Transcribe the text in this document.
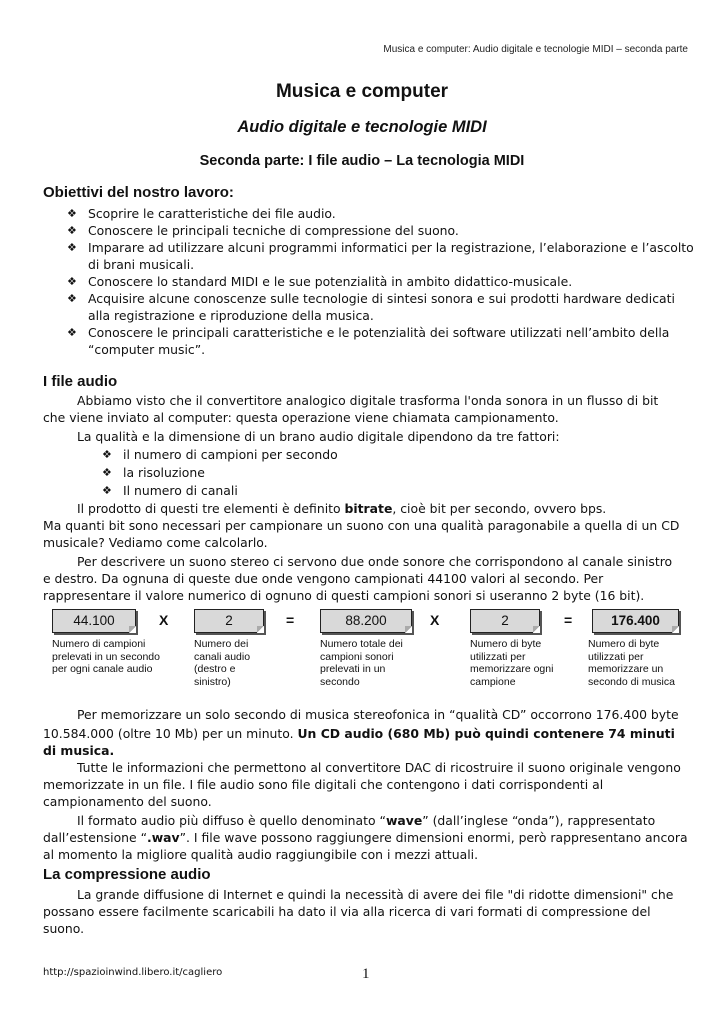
Musica e computer: Audio digitale e tecnologie MIDI – seconda parte
Musica e computer
Audio digitale e tecnologie MIDI
Seconda parte: I file audio – La tecnologia MIDI
Obiettivi del nostro lavoro:
❖ Scoprire le caratteristiche dei file audio.
❖ Conoscere le principali tecniche di compressione del suono.
❖ Imparare ad utilizzare alcuni programmi informatici per la registrazione, l’elaborazione e l’ascolto di brani musicali.
❖ Conoscere lo standard MIDI e le sue potenzialità in ambito didattico-musicale.
❖ Acquisire alcune conoscenze sulle tecnologie di sintesi sonora e sui prodotti hardware dedicati alla registrazione e riproduzione della musica.
❖ Conoscere le principali caratteristiche e le potenzialità dei software utilizzati nell’ambito della “computer music”.
I file audio

Abbiamo visto che il convertitore analogico digitale trasforma l'onda sonora in un flusso di bit che viene inviato al computer: questa operazione viene chiamata campionamento.

La qualità e la dimensione di un brano audio digitale dipendono da tre fattori:

❖ il numero di campioni per secondo
❖ la risoluzione
❖ Il numero di canali

Il prodotto di questi tre elementi è definito bitrate, cioè bit per secondo, ovvero bps.

Ma quanti bit sono necessari per campionare un suono con una qualità paragonabile a quella di un CD musicale? Vediamo come calcolarlo.

Per descrivere un suono stereo ci servono due onde sonore che corrispondono al canale sinistro e destro. Da ognuna di queste due onde vengono campionati 44100 valori al secondo. Per rappresentare il valore numerico di ognuno di questi campioni sonori si useranno 2 byte (16 bit).

44.100	X	2	=	88.200	X	2	=	176.400
Numero di campioni prelevati in un secondo per ogni canale audio
Numero dei canali audio (destro e sinistro)
Numero totale dei campioni sonori prelevati in un secondo
Numero di byte utilizzati per memorizzare ogni campione
Numero di byte utilizzati per memorizzare un secondo di musica

Per memorizzare un solo secondo di musica stereofonica in “qualità CD” occorrono 176.400 byte

10.584.000 (oltre 10 Mb) per un minuto. Un CD audio (680 Mb) può quindi contenere 74 minuti di musica.

Tutte le informazioni che permettono al convertitore DAC di ricostruire il suono originale vengono memorizzate in un file. I file audio sono file digitali che contengono i dati corrispondenti al campionamento del suono.

Il formato audio più diffuso è quello denominato “wave” (dall’inglese “onda”), rappresentato dall’estensione “.wav”. I file wave possono raggiungere dimensioni enormi, però rappresentano ancora al momento la migliore qualità audio raggiungibile con i mezzi attuali.

La compressione audio

La grande diffusione di Internet e quindi la necessità di avere dei file "di ridotte dimensioni" che possano essere facilmente scaricabili ha dato il via alla ricerca di vari formati di compressione del suono.

http://spazioinwind.libero.it/cagliero	1
